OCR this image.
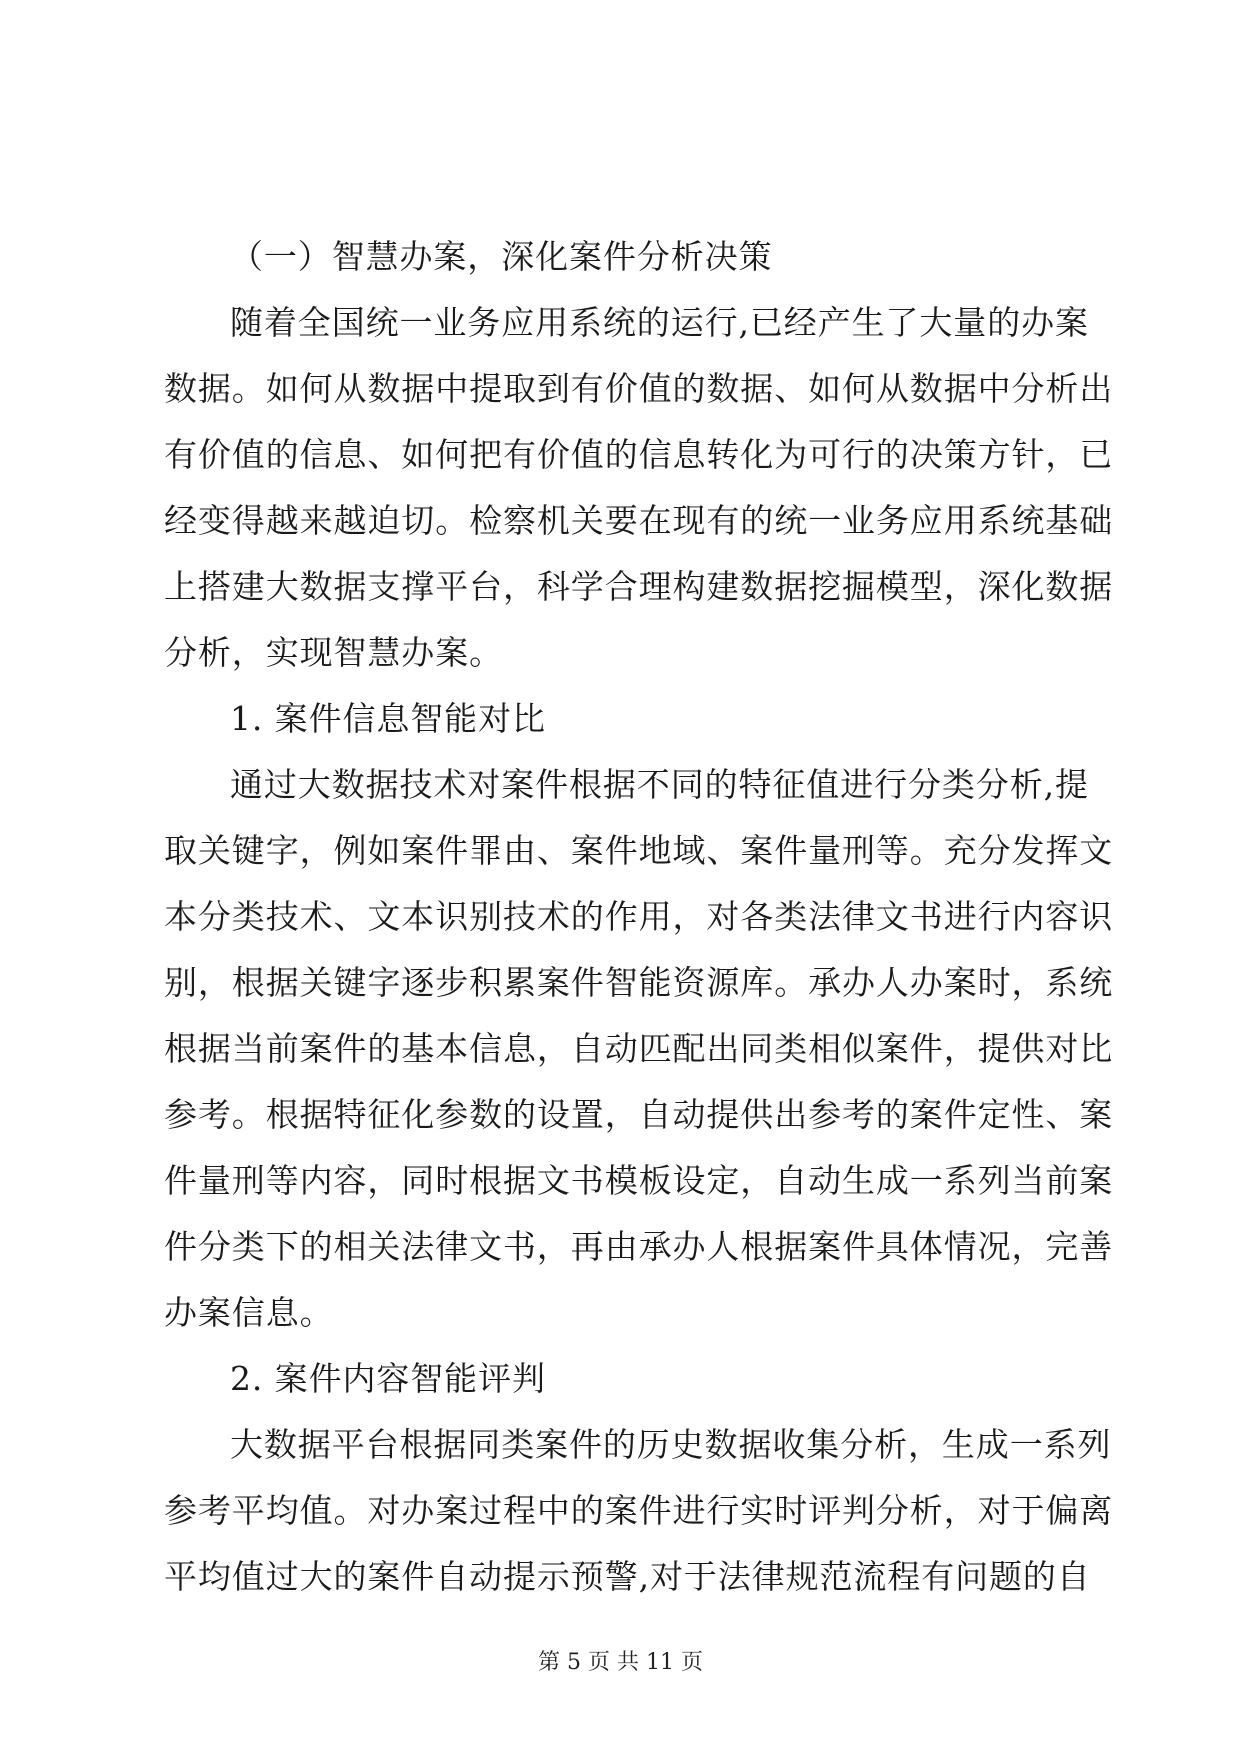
（一）智慧办案，深化案件分析决策
随着全国统一业务应用系统的运行,已经产生了大量的办案
数据。如何从数据中提取到有价值的数据、如何从数据中分析出
有价值的信息、如何把有价值的信息转化为可行的决策方针，已
经变得越来越迫切。检察机关要在现有的统一业务应用系统基础
上搭建大数据支撑平台，科学合理构建数据挖掘模型，深化数据
分析，实现智慧办案。
1. 案件信息智能对比
通过大数据技术对案件根据不同的特征值进行分类分析,提
取关键字，例如案件罪由、案件地域、案件量刑等。充分发挥文
本分类技术、文本识别技术的作用，对各类法律文书进行内容识
别，根据关键字逐步积累案件智能资源库。承办人办案时，系统
根据当前案件的基本信息，自动匹配出同类相似案件，提供对比
参考。根据特征化参数的设置，自动提供出参考的案件定性、案
件量刑等内容，同时根据文书模板设定，自动生成一系列当前案
件分类下的相关法律文书，再由承办人根据案件具体情况，完善
办案信息。
2. 案件内容智能评判
大数据平台根据同类案件的历史数据收集分析，生成一系列
参考平均值。对办案过程中的案件进行实时评判分析，对于偏离
平均值过大的案件自动提示预警,对于法律规范流程有问题的自
第 5 页 共 11 页
